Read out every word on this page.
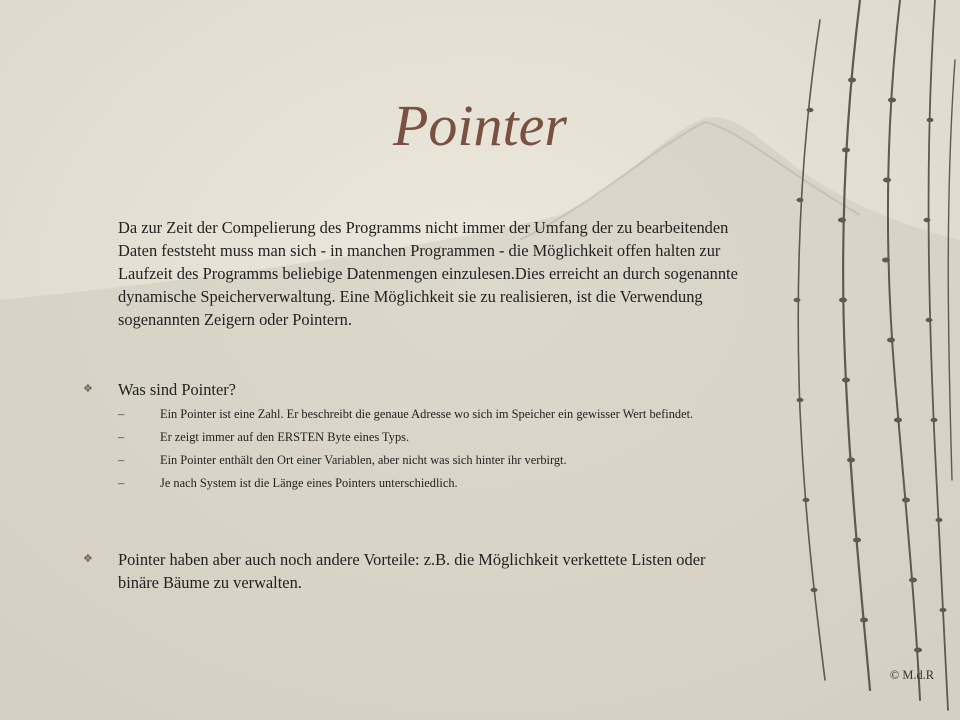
Pointer

Da zur Zeit der Compelierung des Programms nicht immer der Umfang der zu bearbeitenden Daten feststeht muss man sich - in manchen Programmen - die Möglichkeit offen halten zur Laufzeit des Programms beliebige Datenmengen einzulesen.Dies erreicht an durch sogenannte dynamische Speicherverwaltung. Eine Möglichkeit sie zu realisieren, ist die Verwendung sogenannten Zeigern oder Pointern.

❖ Was sind Pointer?
–	Ein Pointer ist eine Zahl. Er beschreibt die genaue Adresse wo sich im Speicher ein gewisser Wert befindet.
–	Er zeigt immer auf den ERSTEN Byte eines Typs.
–	Ein Pointer enthält den Ort einer Variablen, aber nicht was sich hinter ihr verbirgt.
–	Je nach System ist die Länge eines Pointers unterschiedlich.
❖ Pointer haben aber auch noch andere Vorteile: z.B. die Möglichkeit verkettete Listen oder binäre Bäume zu verwalten.
© M.d.R
